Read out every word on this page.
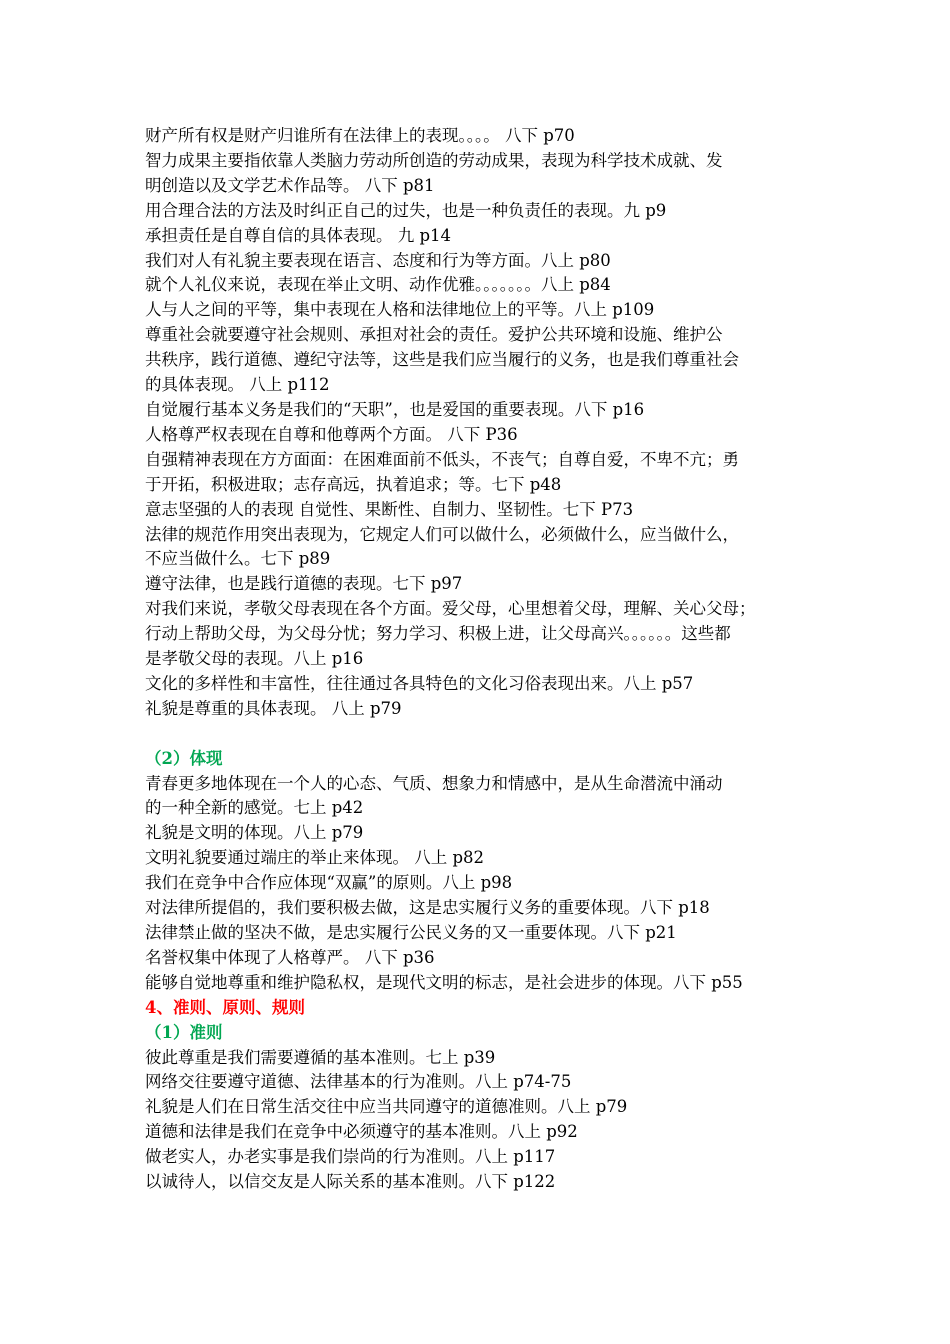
财产所有权是财产归谁所有在法律上的表现。。。。 八下 p70

智力成果主要指依靠人类脑力劳动所创造的劳动成果，表现为科学技术成就、发

明创造以及文学艺术作品等。 八下 p81

用合理合法的方法及时纠正自己的过失，也是一种负责任的表现。九 p9

承担责任是自尊自信的具体表现。 九 p14

我们对人有礼貌主要表现在语言、态度和行为等方面。八上 p80

就个人礼仪来说，表现在举止文明、动作优雅。。。。。。。八上 p84

人与人之间的平等，集中表现在人格和法律地位上的平等。八上 p109

尊重社会就要遵守社会规则、承担对社会的责任。爱护公共环境和设施、维护公

共秩序，践行道德、遵纪守法等，这些是我们应当履行的义务，也是我们尊重社会

的具体表现。 八上 p112

自觉履行基本义务是我们的“天职”，也是爱国的重要表现。八下 p16

人格尊严权表现在自尊和他尊两个方面。 八下 P36

自强精神表现在方方面面：在困难面前不低头，不丧气；自尊自爱，不卑不亢；勇

于开拓，积极进取；志存高远，执着追求；等。七下 p48

意志坚强的人的表现 自觉性、果断性、自制力、坚韧性。七下 P73

法律的规范作用突出表现为，它规定人们可以做什么，必须做什么，应当做什么，

不应当做什么。七下 p89

遵守法律，也是践行道德的表现。七下 p97

对我们来说，孝敬父母表现在各个方面。爱父母，心里想着父母，理解、关心父母；

行动上帮助父母，为父母分忧；努力学习、积极上进，让父母高兴。。。。。。这些都

是孝敬父母的表现。八上 p16

文化的多样性和丰富性，往往通过各具特色的文化习俗表现出来。八上 p57

礼貌是尊重的具体表现。 八上 p79

（2）体现

青春更多地体现在一个人的心态、气质、想象力和情感中，是从生命潜流中涌动

的一种全新的感觉。七上 p42

礼貌是文明的体现。八上 p79

文明礼貌要通过端庄的举止来体现。 八上 p82

我们在竞争中合作应体现“双赢”的原则。八上 p98

对法律所提倡的，我们要积极去做，这是忠实履行义务的重要体现。八下 p18

法律禁止做的坚决不做，是忠实履行公民义务的又一重要体现。八下 p21

名誉权集中体现了人格尊严。 八下 p36

能够自觉地尊重和维护隐私权，是现代文明的标志，是社会进步的体现。八下 p55

4、准则、原则、规则

（1）准则

彼此尊重是我们需要遵循的基本准则。七上 p39

网络交往要遵守道德、法律基本的行为准则。八上 p74-75

礼貌是人们在日常生活交往中应当共同遵守的道德准则。八上 p79

道德和法律是我们在竞争中必须遵守的基本准则。八上 p92

做老实人，办老实事是我们崇尚的行为准则。八上 p117

以诚待人，以信交友是人际关系的基本准则。八下 p122
